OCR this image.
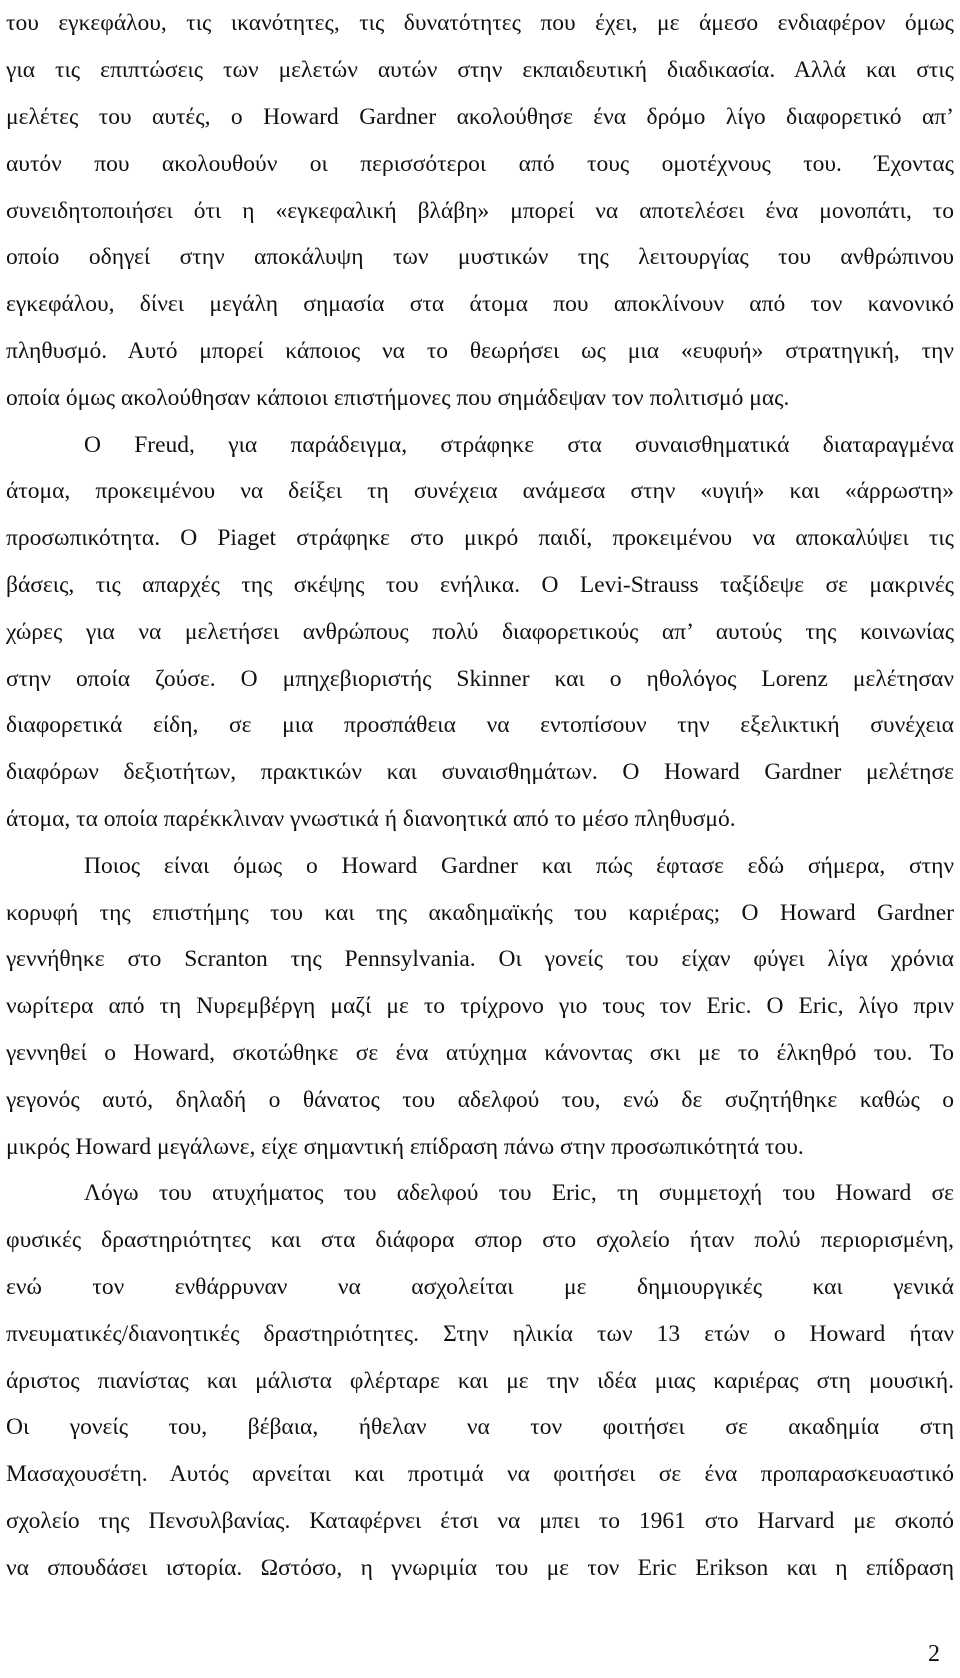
του εγκεφάλου, τις ικανότητες, τις δυνατότητες που έχει, με άμεσο ενδιαφέρον όμως
για τις επιπτώσεις των μελετών αυτών στην εκπαιδευτική διαδικασία. Αλλά και στις
μελέτες του αυτές, ο Howard Gardner ακολούθησε ένα δρόμο λίγο διαφορετικό απ’
αυτόν που ακολουθούν οι περισσότεροι από τους ομοτέχνους του. Έχοντας
συνειδητοποιήσει ότι η «εγκεφαλική βλάβη» μπορεί να αποτελέσει ένα μονοπάτι, το
οποίο οδηγεί στην αποκάλυψη των μυστικών της λειτουργίας του ανθρώπινου
εγκεφάλου, δίνει μεγάλη σημασία στα άτομα που αποκλίνουν από τον κανονικό
πληθυσμό. Αυτό μπορεί κάποιος να το θεωρήσει ως μια «ευφυή» στρατηγική, την
οποία όμως ακολούθησαν κάποιοι επιστήμονες που σημάδεψαν τον πολιτισμό μας.
Ο Freud, για παράδειγμα, στράφηκε στα συναισθηματικά διαταραγμένα
άτομα, προκειμένου να δείξει τη συνέχεια ανάμεσα στην «υγιή» και «άρρωστη»
προσωπικότητα. Ο Piaget στράφηκε στο μικρό παιδί, προκειμένου να αποκαλύψει τις
βάσεις, τις απαρχές της σκέψης του ενήλικα. Ο Levi-Strauss ταξίδεψε σε μακρινές
χώρες για να μελετήσει ανθρώπους πολύ διαφορετικούς απ’ αυτούς της κοινωνίας
στην οποία ζούσε. Ο μπηχεβιοριστής Skinner και ο ηθολόγος Lorenz μελέτησαν
διαφορετικά είδη, σε μια προσπάθεια να εντοπίσουν την εξελικτική συνέχεια
διαφόρων δεξιοτήτων, πρακτικών και συναισθημάτων. Ο Howard Gardner μελέτησε
άτομα, τα οποία παρέκκλιναν γνωστικά ή διανοητικά από το μέσο πληθυσμό.
Ποιος είναι όμως ο Howard Gardner και πώς έφτασε εδώ σήμερα, στην
κορυφή της επιστήμης του και της ακαδημαϊκής του καριέρας; Ο Howard Gardner
γεννήθηκε στο Scranton της Pennsylvania. Οι γονείς του είχαν φύγει λίγα χρόνια
νωρίτερα από τη Νυρεμβέργη μαζί με το τρίχρονο γιο τους τον Eric. Ο Eric, λίγο πριν
γεννηθεί ο Howard, σκοτώθηκε σε ένα ατύχημα κάνοντας σκι με το έλκηθρό του. Το
γεγονός αυτό, δηλαδή ο θάνατος του αδελφού του, ενώ δε συζητήθηκε καθώς ο
μικρός Howard μεγάλωνε, είχε σημαντική επίδραση πάνω στην προσωπικότητά του.
Λόγω του ατυχήματος του αδελφού του Eric, τη συμμετοχή του Howard σε
φυσικές δραστηριότητες και στα διάφορα σπορ στο σχολείο ήταν πολύ περιορισμένη,
ενώ τον ενθάρρυναν να ασχολείται με δημιουργικές και γενικά
πνευματικές/διανοητικές δραστηριότητες. Στην ηλικία των 13 ετών ο Howard ήταν
άριστος πιανίστας και μάλιστα φλέρταρε και με την ιδέα μιας καριέρας στη μουσική.
Οι γονείς του, βέβαια, ήθελαν να τον φοιτήσει σε ακαδημία στη
Μασαχουσέτη. Αυτός αρνείται και προτιμά να φοιτήσει σε ένα προπαρασκευαστικό
σχολείο της Πενσυλβανίας. Καταφέρνει έτσι να μπει το 1961 στο Harvard με σκοπό
να σπουδάσει ιστορία. Ωστόσο, η γνωριμία του με τον Eric Erikson και η επίδραση
2
